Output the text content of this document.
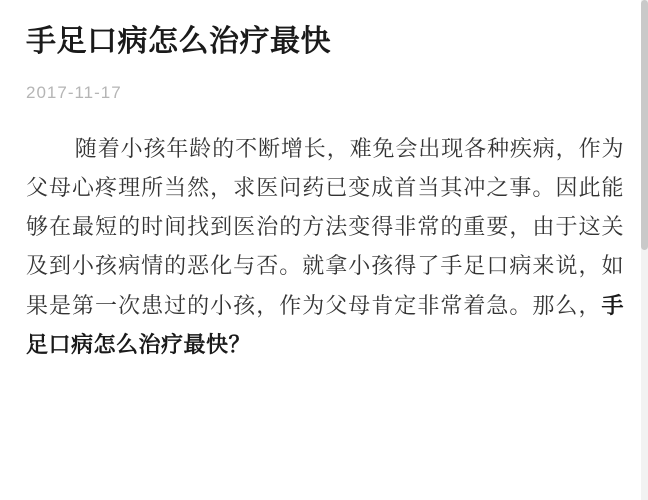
手足口病怎么治疗最快
2017-11-17

随着小孩年龄的不断增长，难免会出现各种疾病，作为父母心疼理所当然，求医问药已变成首当其冲之事。因此能够在最短的时间找到医治的方法变得非常的重要，由于这关及到小孩病情的恶化与否。就拿小孩得了手足口病来说，如果是第一次患过的小孩，作为父母肯定非常着急。那么，手足口病怎么治疗最快？
